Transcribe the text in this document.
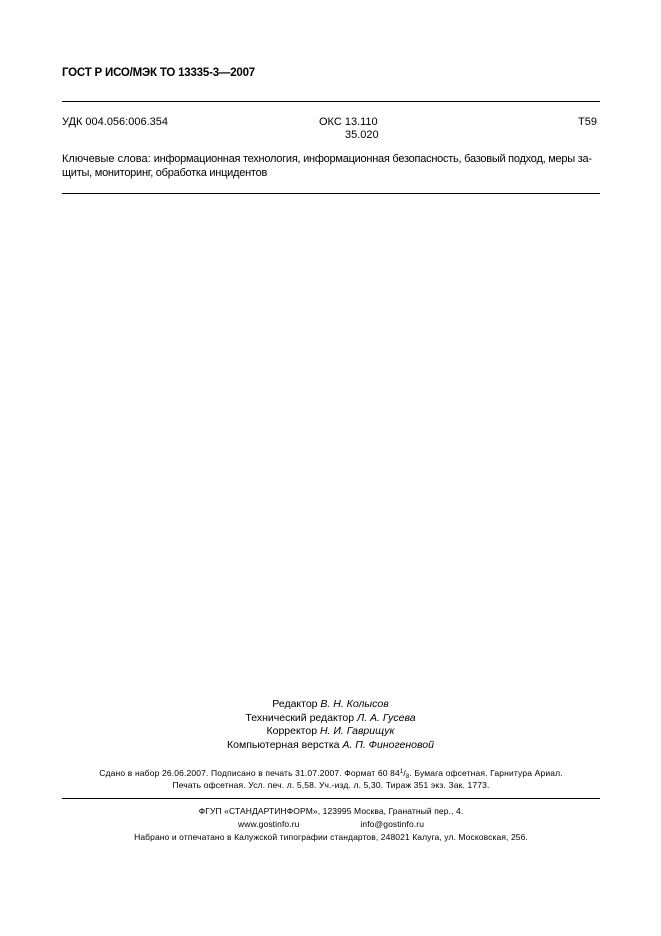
ГОСТ Р ИСО/МЭК ТО 13335-3—2007
УДК 004.056:006.354	ОКС 13.110
35.020
Т59
Ключевые слова: информационная технология, информационная безопасность, базовый подход, меры за-щиты, мониторинг, обработка инцидентов
Редактор В. Н. Колысов
Технический редактор Л. А. Гусева
Корректор Н. И. Гаврищук
Компьютерная верстка А. П. Финогеновой
Сдано в набор 26.06.2007. Подписано в печать 31.07.2007. Формат 60 $84^1/_8$. Бумага офсетная. Гарнитура Ариал.
Печать офсетная. Усл. печ. л. 5,58. Уч.-изд. л. 5,30. Тираж 351 экз. Зак. 1773.
ФГУП «СТАНДАРТИНФОРМ», 123995 Москва, Гранатный пер., 4.
www.gostinfo.ru	info@gostinfo.ru
Набрано и отпечатано в Калужской типографии стандартов, 248021 Калуга, ул. Московская, 256.
